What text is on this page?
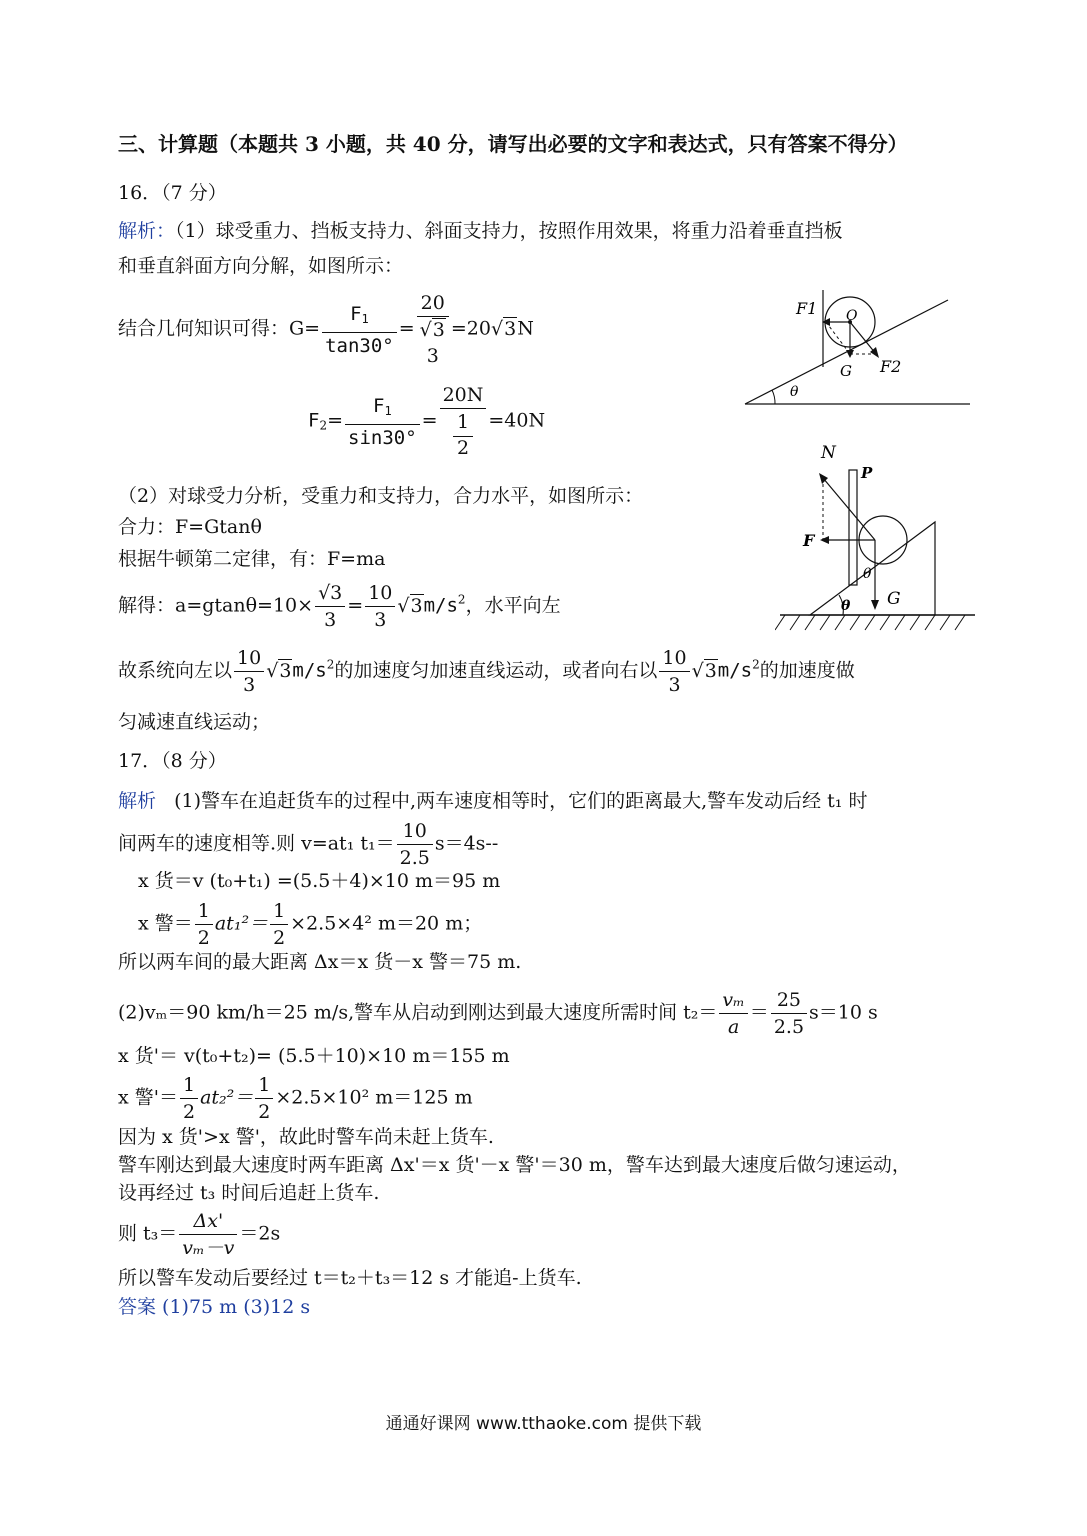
三、计算题（本题共 3 小题，共 40 分，请写出必要的文字和表达式，只有答案不得分）
16．（7 分）
解析：（1）球受重力、挡板支持力、斜面支持力，按照作用效果，将重力沿着垂直挡板
和垂直斜面方向分解，如图所示：
结合几何知识可得：$G= \frac{F_1}{\tan 30^\circ}$ =
20
√3
3
=20√3N
$F_2= \frac{F_1}{\sin 30^\circ}$ =
20N
1
2
=40N
（2）对球受力分析，受重力和支持力，合力水平，如图所示：
合力：F=Gtanθ
根据牛顿第二定律，有：F=ma
解得：$a=gtan\theta=10\times \frac{√3}{3} = \frac{10}{3} √3m/s^2$，水平向左
故系统向左以 $\frac{10}{3} √3m/s^2$的加速度匀加速直线运动，或者向右以 $\frac{10}{3} √3m/s^2$的加速度做
匀减速直线运动；
17．（8 分）
解析 (1)警车在追赶货车的过程中,两车速度相等时，它们的距离最大,警车发动后经 t₁ 时
间两车的速度相等.则 v=at₁ $t_1= \frac{10}{2.5} s=4s--$
x 货＝v (t₀+t₁) =(5.5＋4)×10 m＝95 m
x 警＝ $\frac{1}{2} at_1^2= \frac{1}{2} \times 2.5\times 4^2$ m＝20 m；
所以两车间的最大距离 Δx＝x 货－x 警＝75 m.
(2)vₘ＝90 km/h＝25 m/s,警车从启动到刚达到最大速度所需时间 $t_2= \frac{\text{vₘ}}{a} = \frac{25}{2.5} s=10$ s
x 货'＝ v(t₀+t₂)= (5.5＋10)×10 m＝155 m
x 警'＝ $\frac{1}{2} at_2^2= \frac{1}{2} \times 2.5\times 10^2$ m＝125 m
因为 x 货'>x 警'，故此时警车尚未赶上货车.
警车刚达到最大速度时两车距离 Δx'＝x 货'－x 警'＝30 m，警车达到最大速度后做匀速运动，
设再经过 t₃ 时间后追赶上货车.
则 $t_3= \frac{\Delta x'}{\text{vₘ－v}} =2s$
所以警车发动后要经过 t＝t₂＋t₃＝12 s 才能追-上货车.
答案 (1)75 m (3)12 s
F1 O
G F2
θ
N
P
F
θ
θ G
通通好课网 www.tthaoke.com 提供下载
